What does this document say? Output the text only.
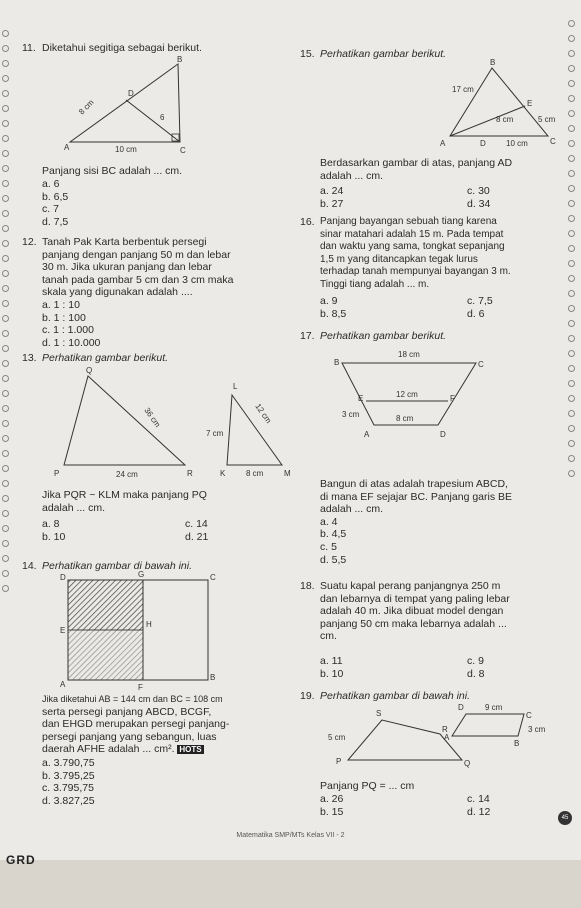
11. Diketahui segitiga sebagai berikut.
B
D
A	C
8 cm
10 cm
6
Panjang sisi BC adalah ... cm.

a. 6

b. 6,5

c. 7

d. 7,5

12. Tanah Pak Karta berbentuk persegi

panjang dengan panjang 50 m dan lebar

30 m. Jika ukuran panjang dan lebar

tanah pada gambar 5 cm dan 3 cm maka

skala yang digunakan adalah ....

a. 1 : 10

b. 1 : 100

c. 1 : 1.000

d. 1 : 10.000

13. Perhatikan gambar berikut.
Q
P	R
36 cm
24 cm
L
K	M
7 cm
12 cm
8 cm

Jika PQR ~ KLM maka panjang PQ

adalah ... cm.

a. 8
b. 10
c. 14
d. 21
14. Perhatikan gambar di bawah ini.
D	G	C
E
H
A	F
B

Jika diketahui AB = 144 cm dan BC = 108 cm

serta persegi panjang ABCD, BCGF,

dan EHGD merupakan persegi panjang-

persegi panjang yang sebangun, luas

daerah AFHE adalah ... cm². HOTS

a. 3.790,75

b. 3.795,25

c. 3.795,75

d. 3.827,25

15. Perhatikan gambar berikut.
B
A	D
E
C
17 cm
8 cm	5 cm
10 cm

Berdasarkan gambar di atas, panjang AD

adalah ... cm.

a. 24
b. 27
c. 30
d. 34
16. Panjang bayangan sebuah tiang karena

sinar matahari adalah 15 m. Pada tempat

dan waktu yang sama, tongkat sepanjang

1,5 m yang ditancapkan tegak lurus

terhadap tanah mempunyai bayangan 3 m.

Tinggi tiang adalah ... m.

a. 9
b. 8,5
c. 7,5
d. 6
17. Perhatikan gambar berikut.
B	C
E	F
A	D
18 cm
12 cm
3 cm	8 cm

Bangun di atas adalah trapesium ABCD,

di mana EF sejajar BC. Panjang garis BE

adalah ... cm.

a. 4

b. 4,5

c. 5

d. 5,5

18. Suatu kapal perang panjangnya 250 m

dan lebarnya di tempat yang paling lebar

adalah 40 m. Jika dibuat model dengan

panjang 50 cm maka lebarnya adalah ...

cm.

a. 11
b. 10
c. 9
d. 8
19. Perhatikan gambar di bawah ini.
S
R
P	Q
5 cm
D
C
A
B
9 cm
3 cm
Panjang PQ = ... cm
a. 26
b. 15
c. 14
d. 12
Matematika SMP/MTs Kelas VII - 2
45
GRD
